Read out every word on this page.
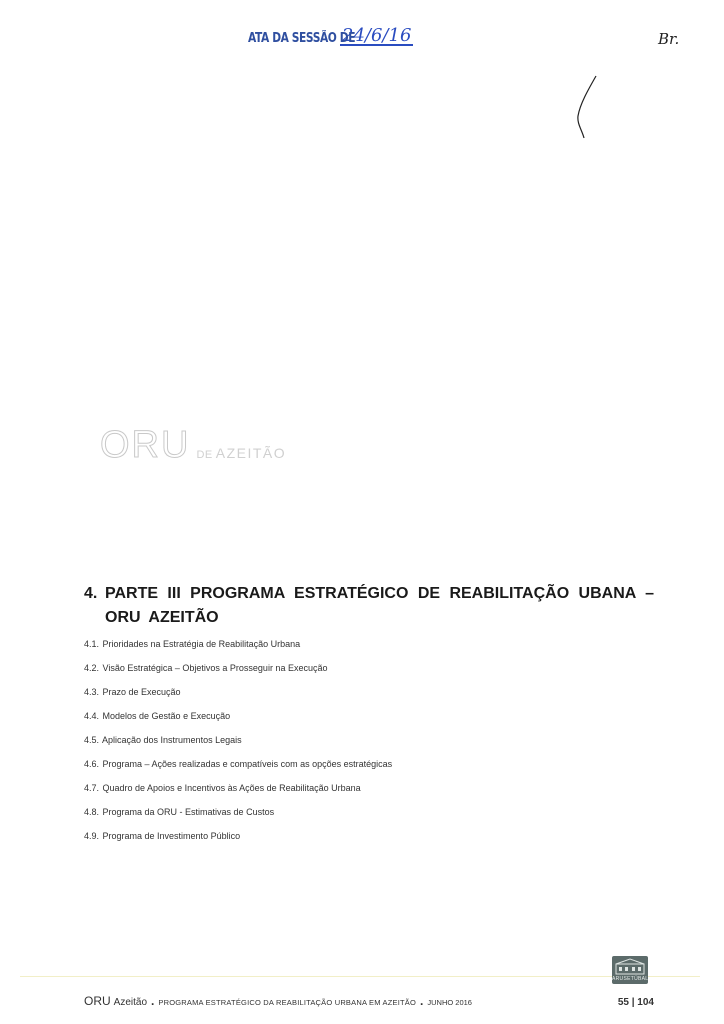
ATA DA SESSÃO DE
24/6/16	Br.
ORU DE AZEITÃO
4. PARTE III PROGRAMA ESTRATÉGICO DE REABILITAÇÃO UBANA – ORU AZEITÃO
4.1. Prioridades na Estratégia de Reabilitação Urbana
4.2. Visão Estratégica – Objetivos a Prosseguir na Execução
4.3. Prazo de Execução
4.4. Modelos de Gestão e Execução
4.5. Aplicação dos Instrumentos Legais
4.6. Programa – Ações realizadas e compatíveis com as opções estratégicas
4.7. Quadro de Apoios e Incentivos às Ações de Reabilitação Urbana
4.8. Programa da ORU - Estimativas de Custos
4.9. Programa de Investimento Público
ARUSETÚBAL
ORU Azeitão . PROGRAMA ESTRATÉGICO DA REABILITAÇÃO URBANA EM AZEITÃO . JUNHO 2016	55 | 104
